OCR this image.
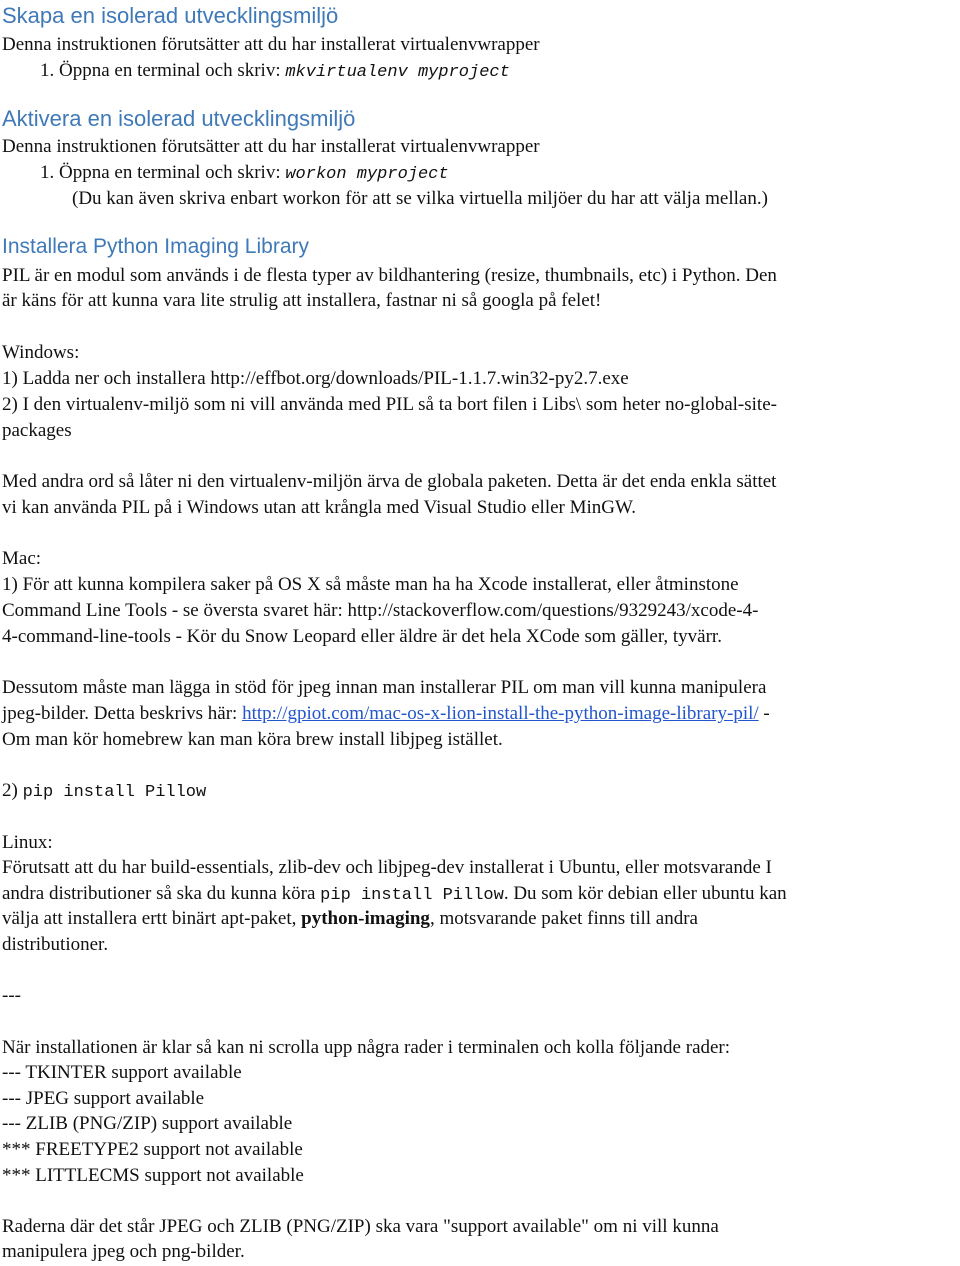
Skapa en isolerad utvecklingsmiljö
Denna instruktionen förutsätter att du har installerat virtualenvwrapper
1. Öppna en terminal och skriv: mkvirtualenv myproject
Aktivera en isolerad utvecklingsmiljö
Denna instruktionen förutsätter att du har installerat virtualenvwrapper
1. Öppna en terminal och skriv: workon myproject
(Du kan även skriva enbart workon för att se vilka virtuella miljöer du har att välja mellan.)
Installera Python Imaging Library
PIL är en modul som används i de flesta typer av bildhantering (resize, thumbnails, etc) i Python. Den
är käns för att kunna vara lite strulig att installera, fastnar ni så googla på felet!
Windows:
1) Ladda ner och installera http://effbot.org/downloads/PIL-1.1.7.win32-py2.7.exe
2) I den virtualenv-miljö som ni vill använda med PIL så ta bort filen i Libs\ som heter no-global-site-
packages
Med andra ord så låter ni den virtualenv-miljön ärva de globala paketen. Detta är det enda enkla sättet
vi kan använda PIL på i Windows utan att krångla med Visual Studio eller MinGW.
Mac:
1) För att kunna kompilera saker på OS X så måste man ha ha Xcode installerat, eller åtminstone
Command Line Tools - se översta svaret här: http://stackoverflow.com/questions/9329243/xcode-4-
4-command-line-tools - Kör du Snow Leopard eller äldre är det hela XCode som gäller, tyvärr.
Dessutom måste man lägga in stöd för jpeg innan man installerar PIL om man vill kunna manipulera
jpeg-bilder. Detta beskrivs här: http://gpiot.com/mac-os-x-lion-install-the-python-image-library-pil/ -
Om man kör homebrew kan man köra brew install libjpeg istället.
2) pip install Pillow
Linux:
Förutsatt att du har build-essentials, zlib-dev och libjpeg-dev installerat i Ubuntu, eller motsvarande I
andra distributioner så ska du kunna köra pip install Pillow. Du som kör debian eller ubuntu kan
välja att installera ertt binärt apt-paket, python-imaging, motsvarande paket finns till andra
distributioner.
---
När installationen är klar så kan ni scrolla upp några rader i terminalen och kolla följande rader:
--- TKINTER support available
--- JPEG support available
--- ZLIB (PNG/ZIP) support available
*** FREETYPE2 support not available
*** LITTLECMS support not available
Raderna där det står JPEG och ZLIB (PNG/ZIP) ska vara "support available" om ni vill kunna
manipulera jpeg och png-bilder.
